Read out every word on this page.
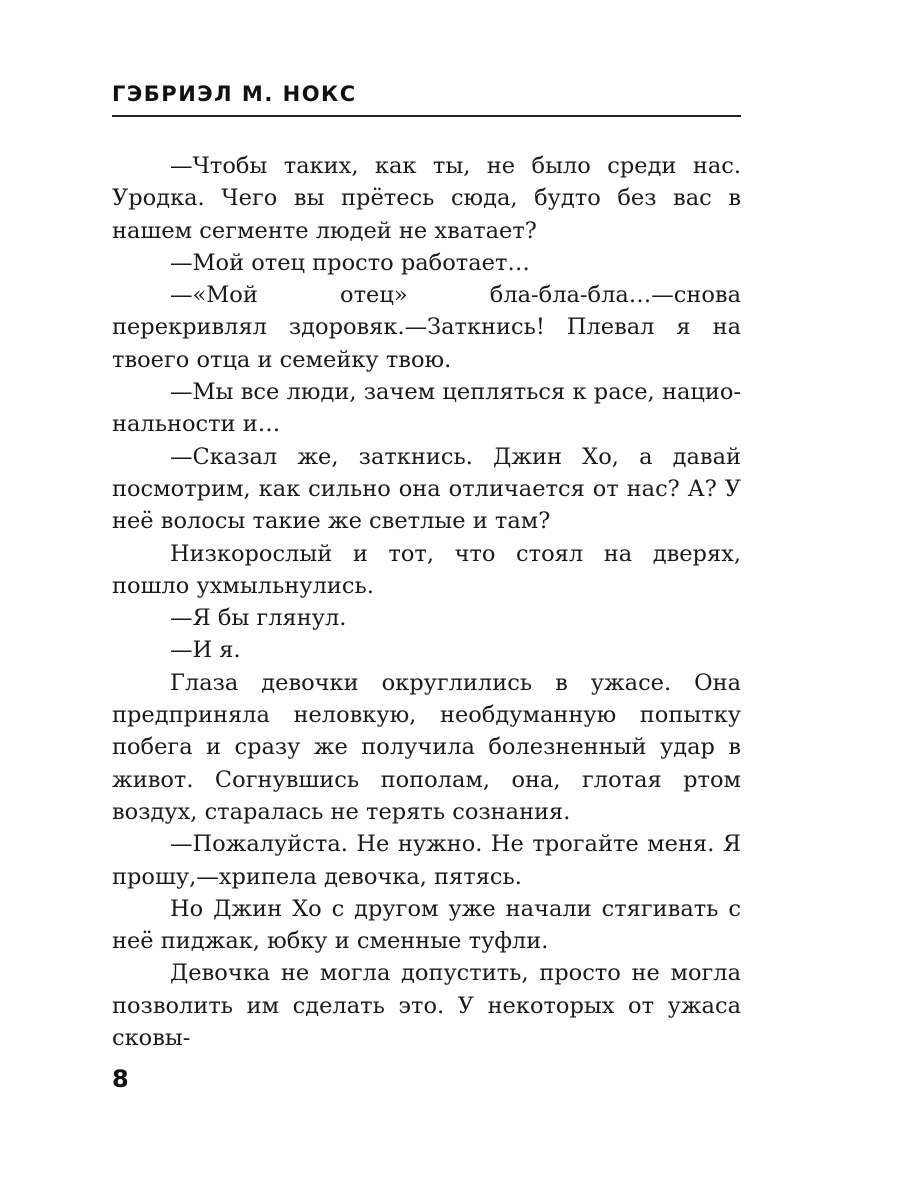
ГЭБРИЭЛ М. НОКС

—Чтобы таких, как ты, не было среди нас. Уродка. Чего вы прётесь сюда, будто без вас в нашем сегменте людей не хватает?

—Мой отец просто работает…

—«Мой отец» бла-бла-бла…—снова перекривлял здоровяк.—Заткнись! Плевал я на твоего отца и семейку твою.

—Мы все люди, зачем цепляться к расе, национальности и…

—Сказал же, заткнись. Джин Хо, а давай посмотрим, как сильно она отличается от нас? А? У неё волосы такие же светлые и там?

Низкорослый и тот, что стоял на дверях, пошло ухмыльнулись.

—Я бы глянул.

—И я.

Глаза девочки округлились в ужасе. Она предприняла неловкую, необдуманную попытку побега и сразу же получила болезненный удар в живот. Согнувшись пополам, она, глотая ртом воздух, старалась не терять сознания.

—Пожалуйста. Не нужно. Не трогайте меня. Я прошу,—хрипела девочка, пятясь.

Но Джин Хо с другом уже начали стягивать с неё пиджак, юбку и сменные туфли.

Девочка не могла допустить, просто не могла позволить им сделать это. У некоторых от ужаса сковы-

8
